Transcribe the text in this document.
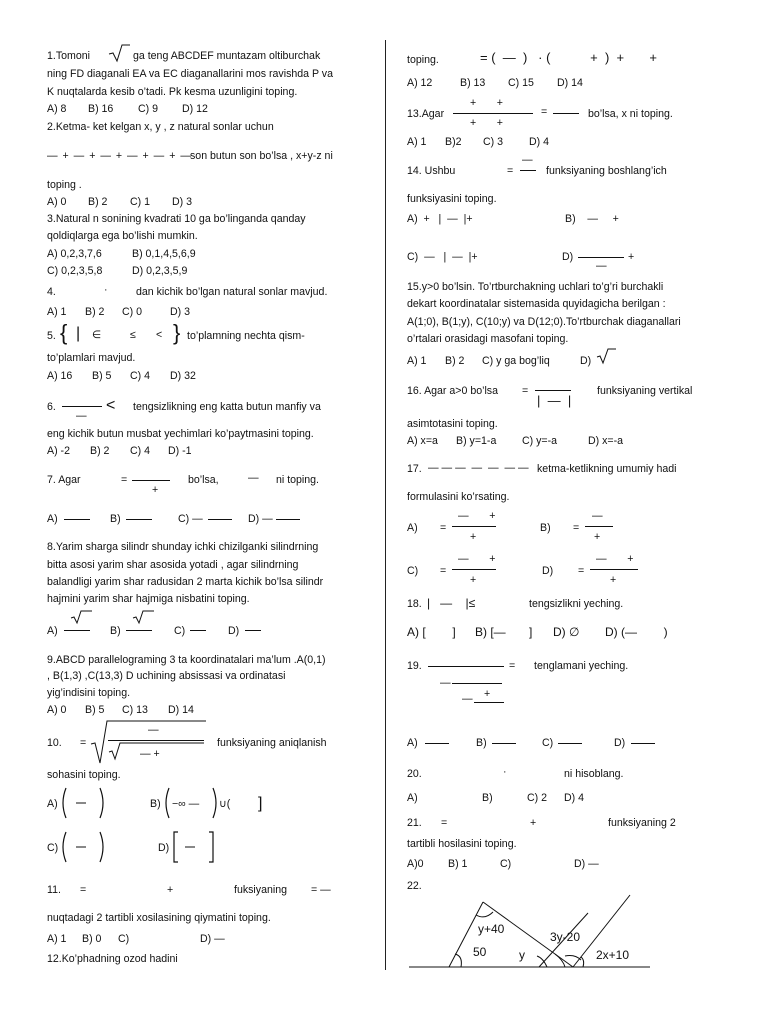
1.Tomoni	ga teng ABCDEF muntazam oltiburchak
ning FD diaganali EA va EC diaganallarini mos ravishda P va
K nuqtalarda kesib o’tadi. Pk kesma uzunligini toping.
A) 8 B) 16 C) 9 D) 12
2.Ketma- ket kelgan x, y , z natural sonlar uchun
— + — + — + — + — + —
son butun son bo’lsa , x+y-z ni
toping .
A) 0 B) 2 C) 1 D) 3
3.Natural n sonining kvadrati 10 ga bo’linganda qanday
qoldiqlarga ega bo’lishi mumkin.
A) 0,2,3,7,6	B) 0,1,4,5,6,9
C) 0,2,3,5,8	D) 0,2,3,5,9
4.	·	dan kichik bo’lgan natural sonlar mavjud.
A) 1 B) 2 C) 0	D) 3
5. { | ∈	≤ < } to’plamning nechta qism-
to’plamlari mavjud.
A) 16 B) 5 C) 4 D) 32
6.
—
< tengsizlikning eng katta butun manfiy va
eng kichik butun musbat yechimlari ko’paytmasini toping.
A) -2 B) 2 C) 4 D) -1
7. Agar	=
+
bo’lsa,	— ni toping.
A)	B)	C) —	D) —
8.Yarim sharga silindr shunday ichki chizilganki silindrning
bitta asosi yarim shar asosida yotadi , agar silindrning
balandligi yarim shar radusidan 2 marta kichik bo’lsa silindr
hajmini yarim shar hajmiga nisbatini toping.
A)	B)	C)	D)
9.ABCD parallelograming 3 ta koordinatalari ma’lum .A(0,1)
, B(1,3) ,C(13,3) D uchining absissasi va ordinatasi
yig’indisini toping.
A) 0 B) 5 C) 13 D) 14
10. =
—
— +
funksiyaning aniqlanish
sohasini toping.
A)	B) −∞ — ∪( ]
C)	D)
11. =	+	fuksiyaning = —
nuqtadagi 2 tartibli xosilasining qiymatini toping.
A) 1 B) 0 C)	D) —
12.Ko’phadning ozod hadini
toping.	= (  —  )   · (           +  )  +       +
A) 12	B) 13 C) 15 D) 14
13.Agar
+       +
+       +
=	bo’lsa, x ni toping.
A) 1 B)2 C) 3 D) 4
14. Ushbu	=
—
funksiyaning boshlang’ich
funksiyasini toping.
A)  +   |  —  |+	B)    —     +
C)  —   |  —  |+	D)
—
+
15.y>0 bo’lsin. To’rtburchakning uchlari to’g’ri burchakli
dekart koordinatalar sistemasida quyidagicha berilgan :
A(1;0), B(1;y), C(10;y) va D(12;0).To’rtburchak diaganallari
o’rtalari orasidagi masofani toping.
A) 1 B) 2 C) y ga bog’liq	D)
16. Agar a>0 bo’lsa =
|  —  |
funksiyaning vertikal
asimtotasini toping.
A) x=a B) y=1-a C) y=-a	D) x=-a
17. — — —  —  —  — — ketma-ketlikning umumiy hadi
formulasini ko’rsating.
A) =
—       +
+
B) =
—
+
C) =
—       +
+
D) =
—       +
+
18. |   —    |≤	tengsizlikni yeching.
A) [        ] B) [—       ] D) ∅ D) (—        )
19.	= tenglamani yeching.
—
— +
A)	B)	C)	D)
20.	·	ni hisoblang.
A)	B)	C) 2 D) 4
21. =	+	funksiyaning 2
tartibli hosilasini toping.
A)0 B) 1	C)	D) —
22.
y+40
50	y
3y-20
2x+10
